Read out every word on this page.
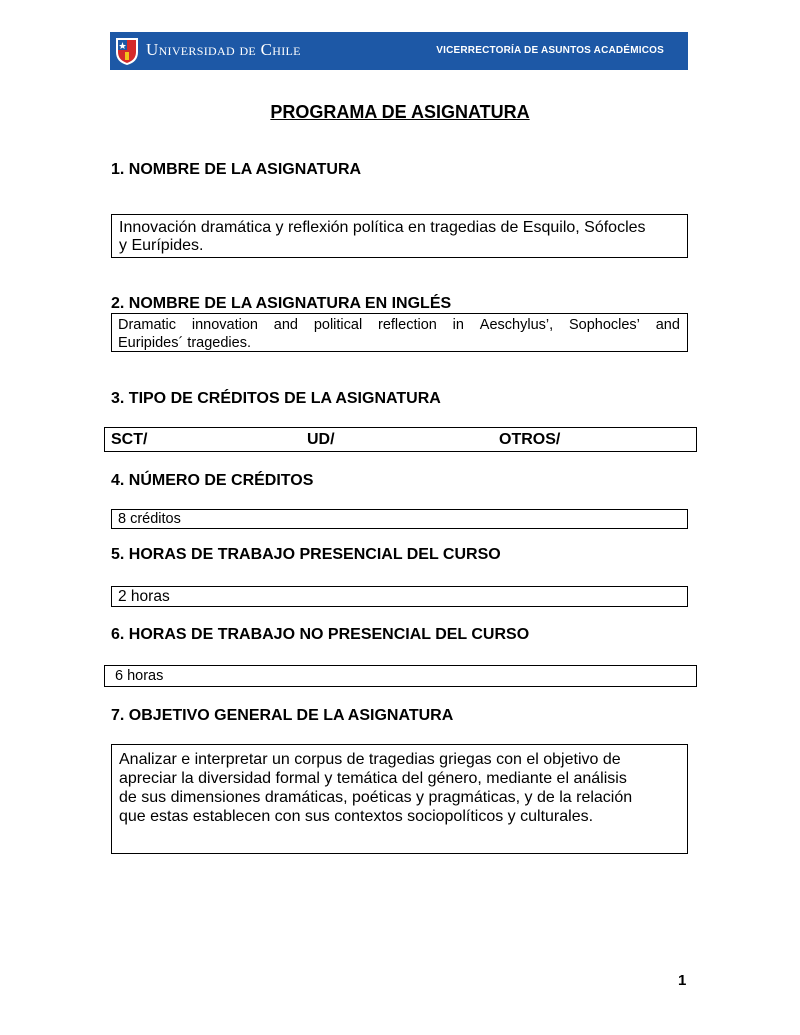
Universidad de Chile	VICERRECTORÍA DE ASUNTOS ACADÉMICOS
PROGRAMA DE ASIGNATURA
1. NOMBRE DE LA ASIGNATURA
Innovación dramática y reflexión política en tragedias de Esquilo, Sófocles
y Eurípides.
2. NOMBRE DE LA ASIGNATURA EN INGLÉS
Dramatic innovation and political reflection in Aeschylus’, Sophocles’ and
Euripides´ tragedies.
3. TIPO DE CRÉDITOS DE LA ASIGNATURA
SCT/	UD/	OTROS/
4. NÚMERO DE CRÉDITOS
8 créditos
5. HORAS DE TRABAJO PRESENCIAL DEL CURSO
2 horas
6. HORAS DE TRABAJO NO PRESENCIAL DEL CURSO
6 horas
7. OBJETIVO GENERAL DE LA ASIGNATURA
Analizar e interpretar un corpus de tragedias griegas con el objetivo de
apreciar la diversidad formal y temática del género, mediante el análisis
de sus dimensiones dramáticas, poéticas y pragmáticas, y de la relación
que estas establecen con sus contextos sociopolíticos y culturales.
1
